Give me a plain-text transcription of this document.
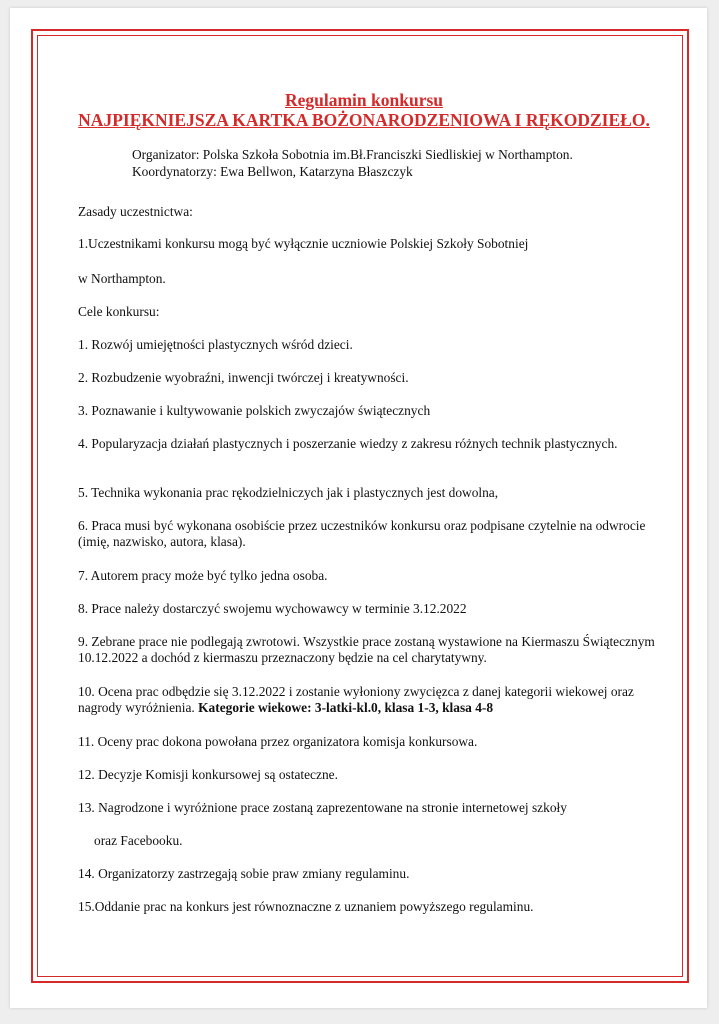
Regulamin konkursu
NAJPIĘKNIEJSZA KARTKA BOŻONARODZENIOWA I RĘKODZIEŁO.
Organizator: Polska Szkoła Sobotnia im.Bł.Franciszki Siedliskiej w Northampton.
Koordynatorzy: Ewa Bellwon, Katarzyna Błaszczyk

Zasady uczestnictwa:

1.Uczestnikami konkursu mogą być wyłącznie uczniowie Polskiej Szkoły Sobotniej

w Northampton.

Cele konkursu:

1. Rozwój umiejętności plastycznych wśród dzieci.

2. Rozbudzenie wyobraźni, inwencji twórczej i kreatywności.

3. Poznawanie i kultywowanie polskich zwyczajów świątecznych

4. Popularyzacja działań plastycznych i poszerzanie wiedzy z zakresu różnych technik plastycznych.

5. Technika wykonania prac rękodzielniczych jak i plastycznych jest dowolna,

6. Praca musi być wykonana osobiście przez uczestników konkursu oraz podpisane czytelnie na odwrocie (imię, nazwisko, autora, klasa).

7. Autorem pracy może być tylko jedna osoba.

8. Prace należy dostarczyć swojemu wychowawcy w terminie 3.12.2022

9. Zebrane prace nie podlegają zwrotowi. Wszystkie prace zostaną wystawione na Kiermaszu Świątecznym 10.12.2022 a dochód z kiermaszu przeznaczony będzie na cel charytatywny.

10. Ocena prac odbędzie się 3.12.2022 i zostanie wyłoniony zwycięzca z danej kategorii wiekowej oraz nagrody wyróżnienia. Kategorie wiekowe: 3-latki-kl.0, klasa 1-3, klasa 4-8

11. Oceny prac dokona powołana przez organizatora komisja konkursowa.

12. Decyzje Komisji konkursowej są ostateczne.

13. Nagrodzone i wyróżnione prace zostaną zaprezentowane na stronie internetowej szkoły

oraz Facebooku.

14. Organizatorzy zastrzegają sobie praw zmiany regulaminu.

15.Oddanie prac na konkurs jest równoznaczne z uznaniem powyższego regulaminu.
